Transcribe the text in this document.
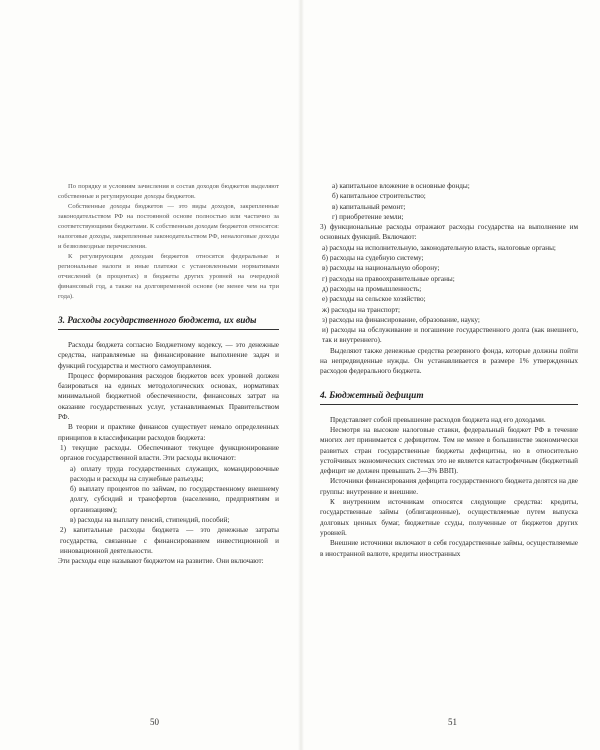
По порядку и условиям зачисления в состав доходов бюджетов выделяют собственные и регулирующие доходы бюджетов.

Собственные доходы бюджетов — это виды доходов, закрепленные законодательством РФ на постоянной основе полностью или частично за соответствующими бюджетами. К собственным доходам бюджетов относятся: налоговые доходы, закрепленные законодательством РФ, неналоговые доходы и безвозмездные перечисления.

К регулирующим доходам бюджетов относятся федеральные и региональные налоги и иные платежи с установленными нормативами отчислений (в процентах) в бюджеты других уровней на очередной финансовый год, а также на долговременной основе (не менее чем на три года).

3. Расходы государственного бюджета, их виды

Расходы бюджета согласно Бюджетному кодексу, — это денежные средства, направляемые на финансирование выполнение задач и функций государства и местного самоуправления.

Процесс формирования расходов бюджетов всех уровней должен базироваться на единых методологических основах, нормативах минимальной бюджетной обеспеченности, финансовых затрат на оказание государственных услуг, устанавливаемых Правительством РФ.

В теории и практике финансов существует немало определенных принципов в классификации расходов бюджета:

1) текущие расходы. Обеспечивают текущее функционирование органов государственной власти. Эти расходы включают:

а) оплату труда государственных служащих, командировочные расходы и расходы на служебные разъезды;

б) выплату процентов по займам, по государственному внешнему долгу, субсидий и трансфертов (населению, предприятиям и организациям);

в) расходы на выплату пенсий, стипендий, пособий;

2) капитальные расходы бюджета — это денежные затраты государства, связанные с финансированием инвестиционной и инновационной деятельности.

Эти расходы еще называют бюджетом на развитие. Они включают:

50

а) капитальное вложение в основные фонды;

б) капитальное строительство;

в) капитальный ремонт;

г) приобретение земли;

3) функциональные расходы отражают расходы государства на выполнение им основных функций. Включают:

а) расходы на исполнительную, законодательную власть, налоговые органы;

б) расходы на судебную систему;

в) расходы на национальную оборону;

г) расходы на правоохранительные органы;

д) расходы на промышленность;

е) расходы на сельское хозяйство;

ж) расходы на транспорт;

з) расходы на финансирование, образование, науку;

и) расходы на обслуживание и погашение государственного долга (как внешнего, так и внутреннего).

Выделяют также денежные средства резервного фонда, которые должны пойти на непредвиденные нужды. Он устанавливается в размере 1% утвержденных расходов федерального бюджета.

4. Бюджетный дефицит

Представляет собой превышение расходов бюджета над его доходами.

Несмотря на высокие налоговые ставки, федеральный бюджет РФ в течение многих лет принимается с дефицитом. Тем не менее в большинстве экономически развитых стран государственные бюджеты дефицитны, но в относительно устойчивых экономических системах это не является катастрофичным (бюджетный дефицит не должен превышать 2—3% ВВП).

Источники финансирования дефицита государственного бюджета делятся на две группы: внутренние и внешние.

К внутренним источникам относятся следующие средства: кредиты, государственные займы (облигационные), осуществляемые путем выпуска долговых ценных бумаг, бюджетные ссуды, полученные от бюджетов других уровней.

Внешние источники включают в себя государственные займы, осуществляемые в иностранной валюте, кредиты иностранных

51
